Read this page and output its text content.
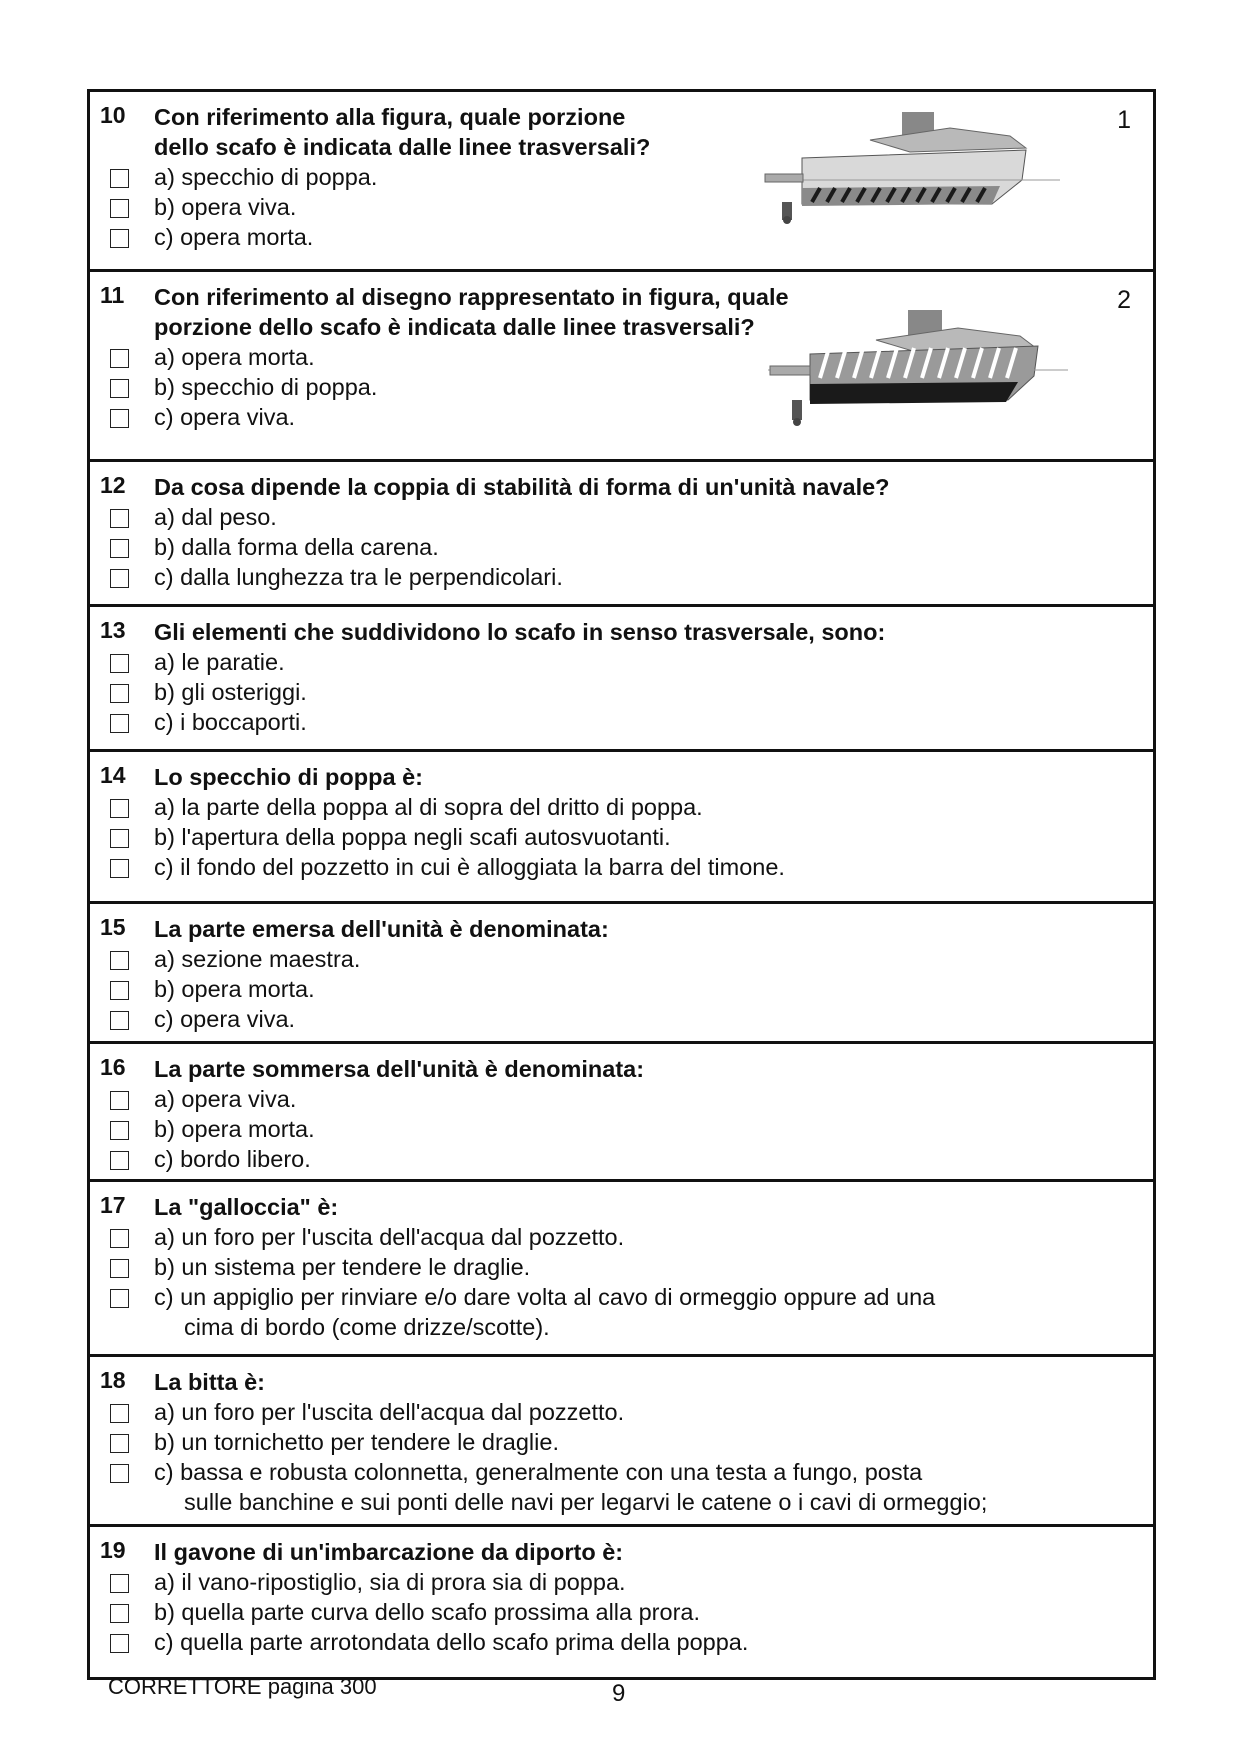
10 Con riferimento alla figura, quale porzione
dello scafo è indicata dalle linee trasversali?
a) specchio di poppa.
b) opera viva.
c) opera morta.
1
11 Con riferimento al disegno rappresentato in figura, quale
porzione dello scafo è indicata dalle linee trasversali?
a) opera morta.
b) specchio di poppa.
c) opera viva.
2
12 Da cosa dipende la coppia di stabilità di forma di un'unità navale?
a) dal peso.
b) dalla forma della carena.
c) dalla lunghezza tra le perpendicolari.
13 Gli elementi che suddividono lo scafo in senso trasversale, sono:
a) le paratie.
b) gli osteriggi.
c) i boccaporti.
14 Lo specchio di poppa è:
a) la parte della poppa al di sopra del dritto di poppa.
b) l'apertura della poppa negli scafi autosvuotanti.
c) il fondo del pozzetto in cui è alloggiata la barra del timone.
15 La parte emersa dell'unità è denominata:
a) sezione maestra.
b) opera morta.
c) opera viva.
16 La parte sommersa dell'unità è denominata:
a) opera viva.
b) opera morta.
c) bordo libero.
17 La "galloccia" è:
a) un foro per l'uscita dell'acqua dal pozzetto.
b) un sistema per tendere le draglie.
c) un appiglio per rinviare e/o dare volta al cavo di ormeggio oppure ad una
cima di bordo (come drizze/scotte).
18 La bitta è:
a) un foro per l'uscita dell'acqua dal pozzetto.
b) un tornichetto per tendere le draglie.
c) bassa e robusta colonnetta, generalmente con una testa a fungo, posta
sulle banchine e sui ponti delle navi per legarvi le catene o i cavi di ormeggio;
19 Il gavone di un'imbarcazione da diporto è:
a) il vano-ripostiglio, sia di prora sia di poppa.
b) quella parte curva dello scafo prossima alla prora.
c) quella parte arrotondata dello scafo prima della poppa.
CORRETTORE pagina 300	9
